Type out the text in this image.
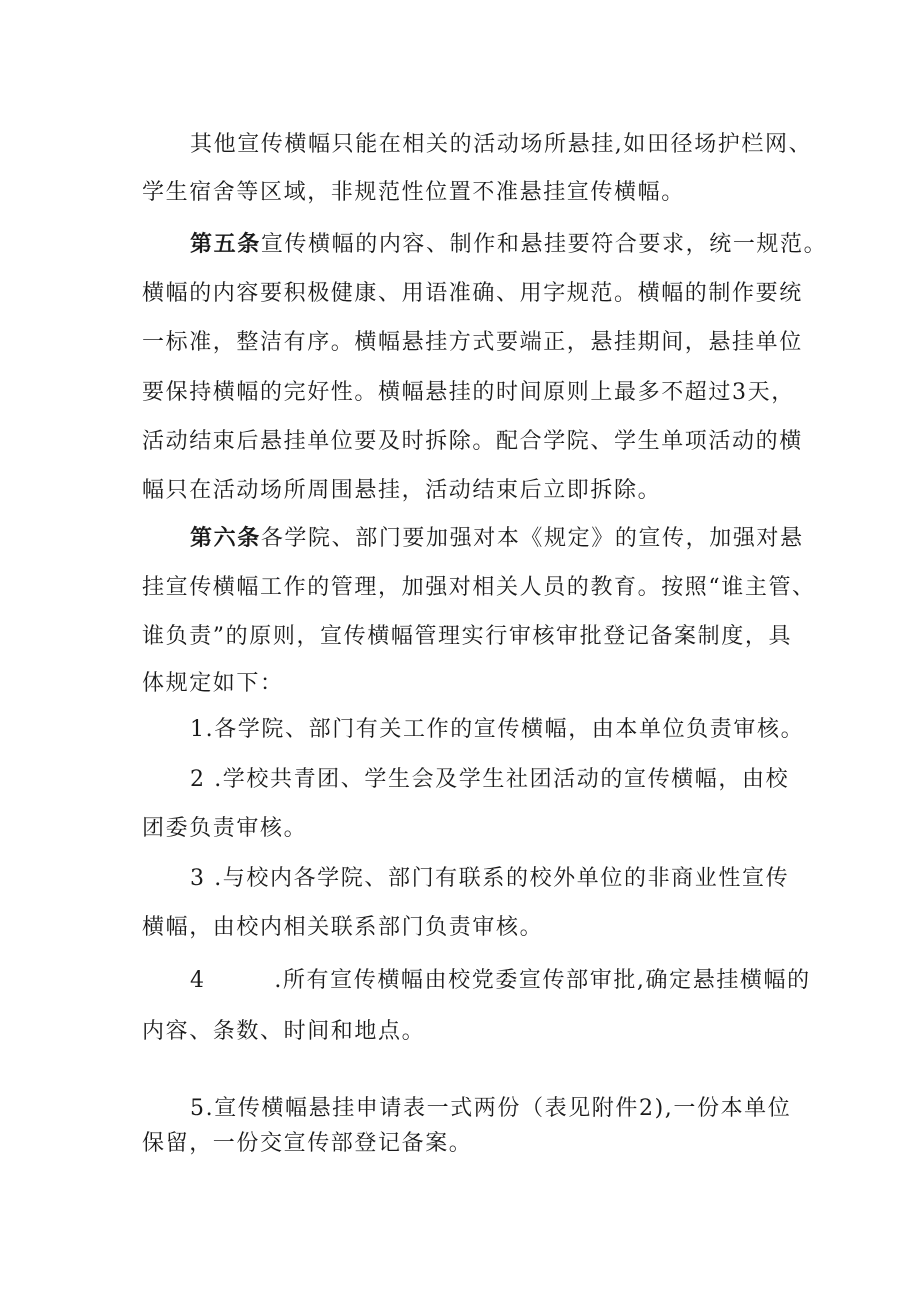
其他宣传横幅只能在相关的活动场所悬挂,如田径场护栏网、
学生宿舍等区域，非规范性位置不准悬挂宣传横幅。
第五条宣传横幅的内容、制作和悬挂要符合要求，统一规范。
横幅的内容要积极健康、用语准确、用字规范。横幅的制作要统
一标准，整洁有序。横幅悬挂方式要端正，悬挂期间，悬挂单位
要保持横幅的完好性。横幅悬挂的时间原则上最多不超过3天，
活动结束后悬挂单位要及时拆除。配合学院、学生单项活动的横
幅只在活动场所周围悬挂，活动结束后立即拆除。
第六条各学院、部门要加强对本《规定》的宣传，加强对悬
挂宣传横幅工作的管理，加强对相关人员的教育。按照“谁主管、
谁负责”的原则，宣传横幅管理实行审核审批登记备案制度，具
体规定如下：
1.各学院、部门有关工作的宣传横幅，由本单位负责审核。
2 .学校共青团、学生会及学生社团活动的宣传横幅，由校
团委负责审核。
3 .与校内各学院、部门有联系的校外单位的非商业性宣传
横幅，由校内相关联系部门负责审核。
4        .所有宣传横幅由校党委宣传部审批,确定悬挂横幅的
内容、条数、时间和地点。
5.宣传横幅悬挂申请表一式两份（表见附件2),一份本单位
保留，一份交宣传部登记备案。
